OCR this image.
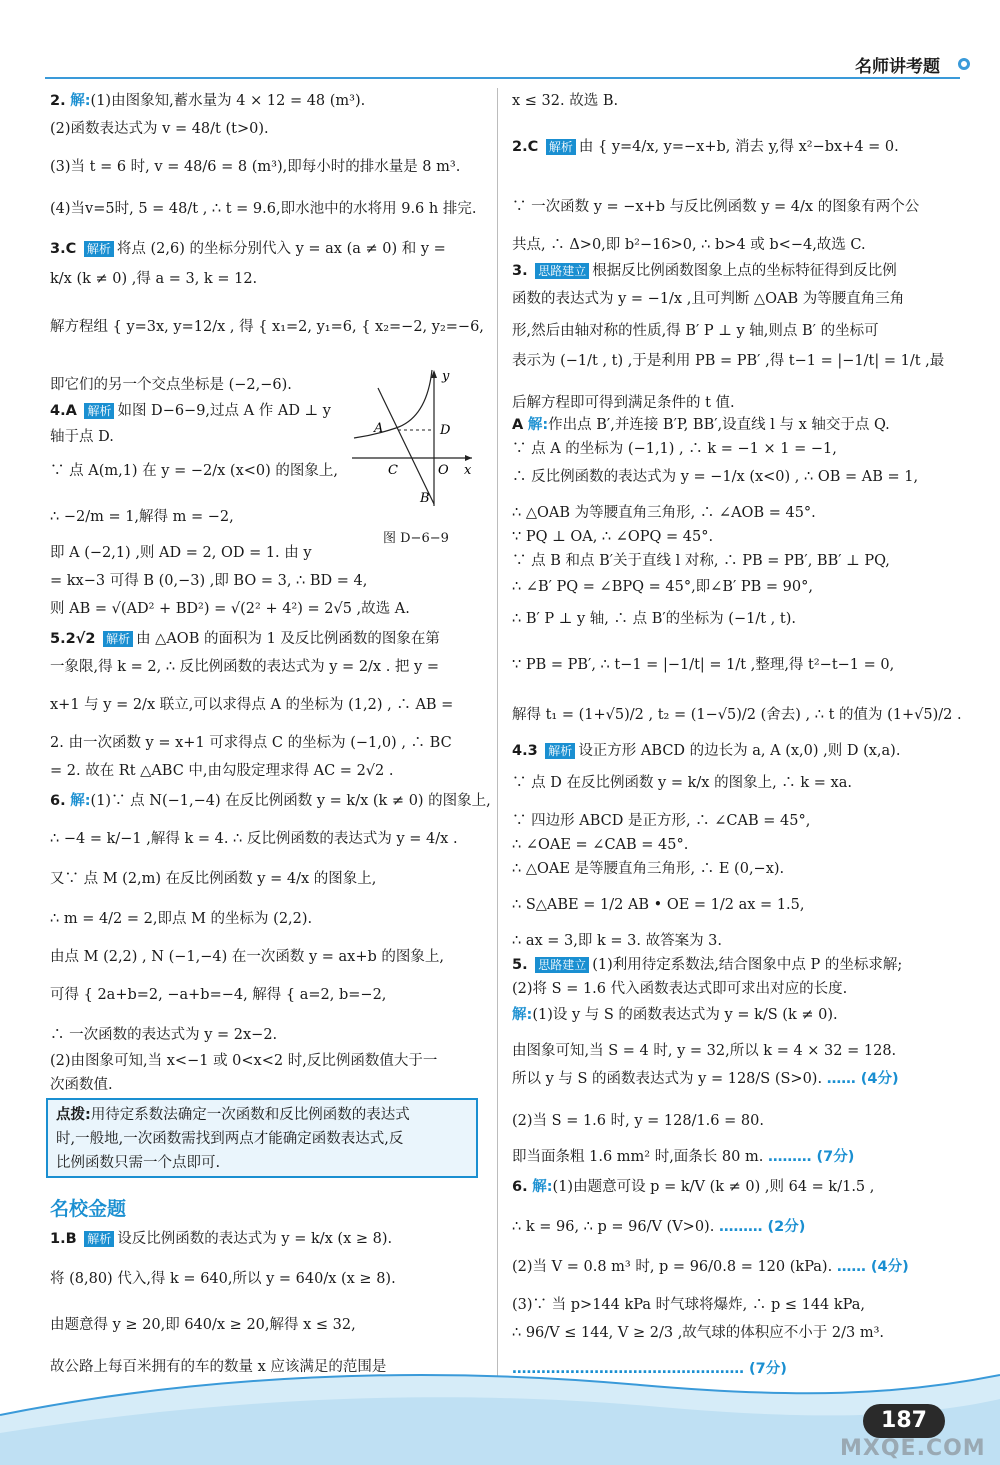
名师讲考题
点拨:用待定系数法确定一次函数和反比例函数的表达式
时,一般地,一次函数需找到两点才能确定函数表达式,反
比例函数只需一个点即可.
名校金题
y
x
A	D
C	O
B
图 D−6−9
2. 解:(1)由图象知,蓄水量为 4 × 12 = 48 (m³).
(2)函数表达式为 v = 48/t (t>0).
(3)当 t = 6 时, v = 48/6 = 8 (m³),即每小时的排水量是 8 m³.
(4)当v=5时, 5 = 48/t , ∴ t = 9.6,即水池中的水将用 9.6 h 排完.
3.C 解析 将点 (2,6) 的坐标分别代入 y = ax (a ≠ 0) 和 y =
k/x (k ≠ 0) ,得 a = 3, k = 12.
解方程组 { y=3x, y=12/x , 得 { x₁=2, y₁=6, { x₂=−2, y₂=−6,
即它们的另一个交点坐标是 (−2,−6).
4.A 解析 如图 D−6−9,过点 A 作 AD ⊥ y
轴于点 D.
∵ 点 A(m,1) 在 y = −2/x (x<0) 的图象上,
∴ −2/m = 1,解得 m = −2,
即 A (−2,1) ,则 AD = 2, OD = 1. 由 y
= kx−3 可得 B (0,−3) ,即 BO = 3, ∴ BD = 4,
则 AB = √(AD² + BD²) = √(2² + 4²) = 2√5 ,故选 A.
5.2√2 解析 由 △AOB 的面积为 1 及反比例函数的图象在第
一象限,得 k = 2, ∴ 反比例函数的表达式为 y = 2/x . 把 y =
x+1 与 y = 2/x 联立,可以求得点 A 的坐标为 (1,2) , ∴ AB =
2. 由一次函数 y = x+1 可求得点 C 的坐标为 (−1,0) , ∴ BC
= 2. 故在 Rt △ABC 中,由勾股定理求得 AC = 2√2 .
6. 解:(1)∵ 点 N(−1,−4) 在反比例函数 y = k/x (k ≠ 0) 的图象上,
∴ −4 = k/−1 ,解得 k = 4. ∴ 反比例函数的表达式为 y = 4/x .
又∵ 点 M (2,m) 在反比例函数 y = 4/x 的图象上,
∴ m = 4/2 = 2,即点 M 的坐标为 (2,2).
由点 M (2,2) , N (−1,−4) 在一次函数 y = ax+b 的图象上,
可得 { 2a+b=2, −a+b=−4, 解得 { a=2, b=−2,
∴ 一次函数的表达式为 y = 2x−2.
(2)由图象可知,当 x<−1 或 0<x<2 时,反比例函数值大于一
次函数值.
1.B 解析 设反比例函数的表达式为 y = k/x (x ≥ 8).
将 (8,80) 代入,得 k = 640,所以 y = 640/x (x ≥ 8).
由题意得 y ≥ 20,即 640/x ≥ 20,解得 x ≤ 32,
故公路上每百米拥有的车的数量 x 应该满足的范围是
x ≤ 32. 故选 B.
2.C 解析 由 { y=4/x, y=−x+b, 消去 y,得 x²−bx+4 = 0.
∵ 一次函数 y = −x+b 与反比例函数 y = 4/x 的图象有两个公
共点, ∴ Δ>0,即 b²−16>0, ∴ b>4 或 b<−4,故选 C.
3. 思路建立 根据反比例函数图象上点的坐标特征得到反比例
函数的表达式为 y = −1/x ,且可判断 △OAB 为等腰直角三角
形,然后由轴对称的性质,得 B′ P ⊥ y 轴,则点 B′ 的坐标可
表示为 (−1/t , t) ,于是利用 PB = PB′ ,得 t−1 = |−1/t| = 1/t ,最
后解方程即可得到满足条件的 t 值.
A 解:作出点 B′,并连接 B′P, BB′,设直线 l 与 x 轴交于点 Q.
∵ 点 A 的坐标为 (−1,1) , ∴ k = −1 × 1 = −1,
∴ 反比例函数的表达式为 y = −1/x (x<0) , ∴ OB = AB = 1,
∴ △OAB 为等腰直角三角形, ∴ ∠AOB = 45°.
∵ PQ ⊥ OA, ∴ ∠OPQ = 45°.
∵ 点 B 和点 B′关于直线 l 对称, ∴ PB = PB′, BB′ ⊥ PQ,
∴ ∠B′ PQ = ∠BPQ = 45°,即∠B′ PB = 90°,
∴ B′ P ⊥ y 轴, ∴ 点 B′的坐标为 (−1/t , t).
∵ PB = PB′, ∴ t−1 = |−1/t| = 1/t ,整理,得 t²−t−1 = 0,
解得 t₁ = (1+√5)/2 , t₂ = (1−√5)/2 (舍去) , ∴ t 的值为 (1+√5)/2 .
4.3 解析 设正方形 ABCD 的边长为 a, A (x,0) ,则 D (x,a).
∵ 点 D 在反比例函数 y = k/x 的图象上, ∴ k = xa.
∵ 四边形 ABCD 是正方形, ∴ ∠CAB = 45°,
∴ ∠OAE = ∠CAB = 45°.
∴ △OAE 是等腰直角三角形, ∴ E (0,−x).
∴ S△ABE = 1/2 AB • OE = 1/2 ax = 1.5,
∴ ax = 3,即 k = 3. 故答案为 3.
5. 思路建立 (1)利用待定系数法,结合图象中点 P 的坐标求解;
(2)将 S = 1.6 代入函数表达式即可求出对应的长度.
解:(1)设 y 与 S 的函数表达式为 y = k/S (k ≠ 0).
由图象可知,当 S = 4 时, y = 32,所以 k = 4 × 32 = 128.
所以 y 与 S 的函数表达式为 y = 128/S (S>0). …… (4分)
(2)当 S = 1.6 时, y = 128/1.6 = 80.
即当面条粗 1.6 mm² 时,面条长 80 m. ……… (7分)
6. 解:(1)由题意可设 p = k/V (k ≠ 0) ,则 64 = k/1.5 ,
∴ k = 96, ∴ p = 96/V (V>0). ……… (2分)
(2)当 V = 0.8 m³ 时, p = 96/0.8 = 120 (kPa). …… (4分)
(3)∵ 当 p>144 kPa 时气球将爆炸, ∴ p ≤ 144 kPa,
∴ 96/V ≤ 144, V ≥ 2/3 ,故气球的体积应不小于 2/3 m³.
………………………………………… (7分)
187
MXQE.COM
